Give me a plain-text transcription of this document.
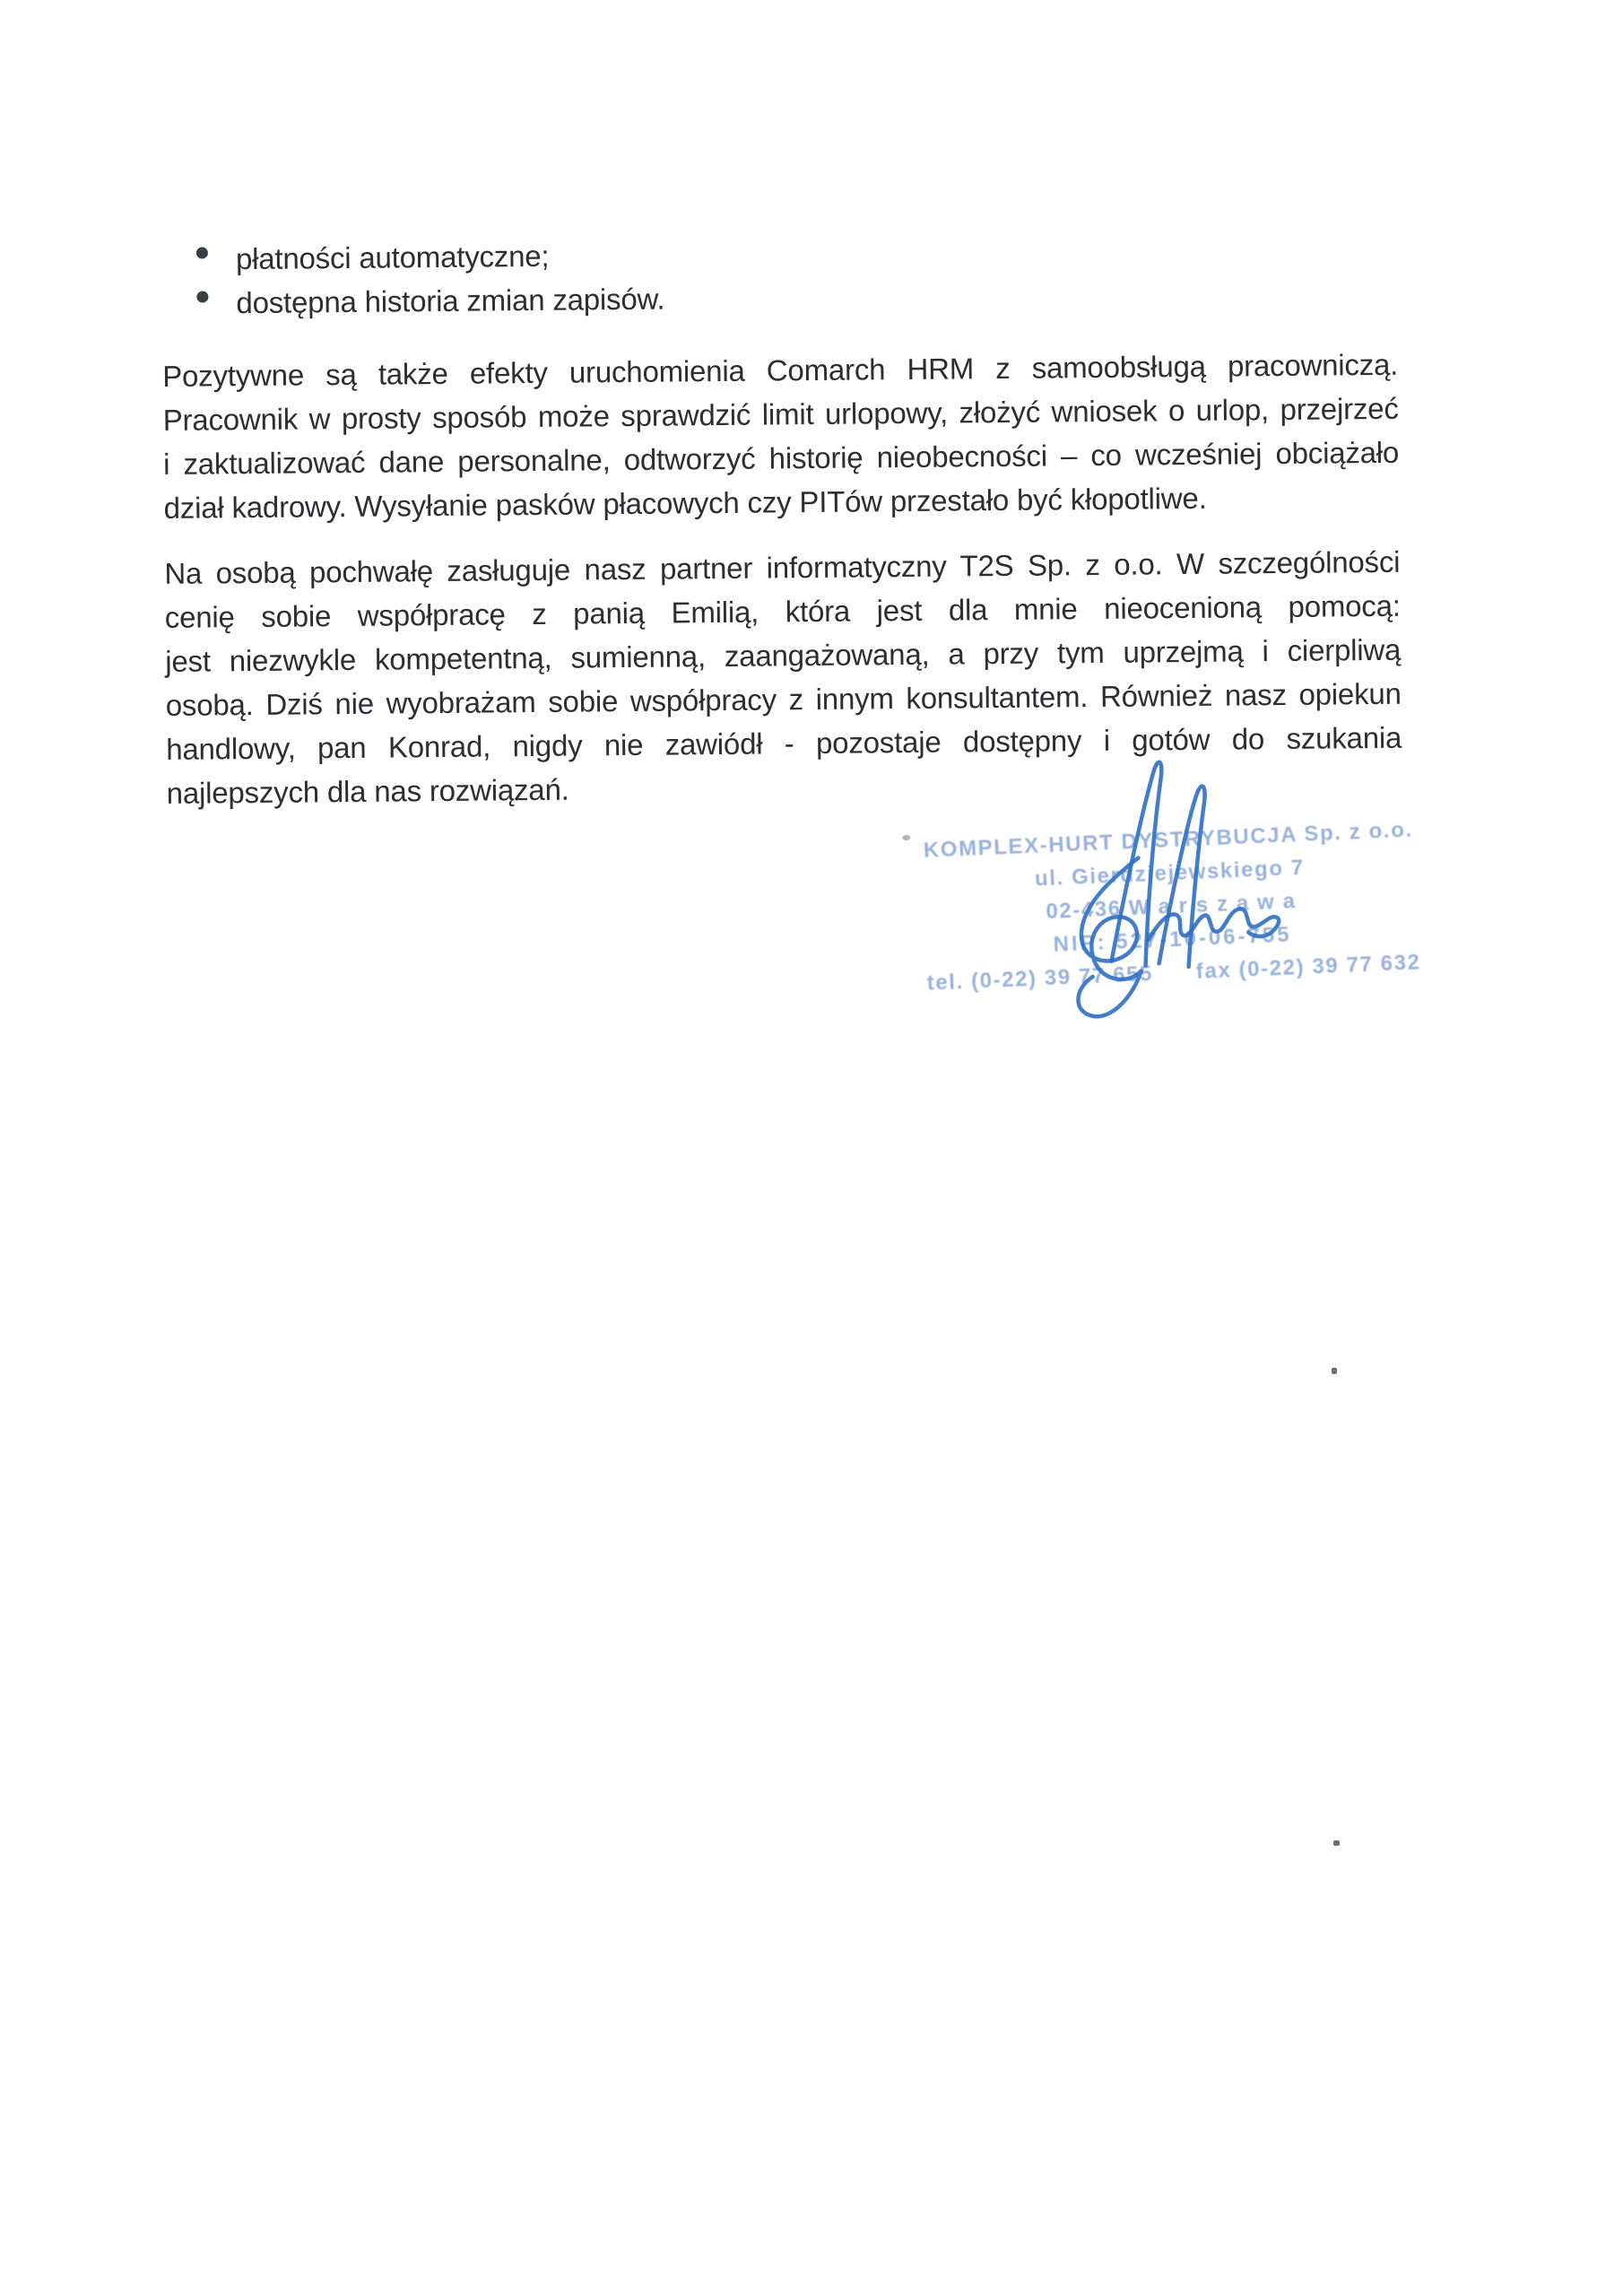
płatności automatyczne;
dostępna historia zmian zapisów.
Pozytywne są także efekty uruchomienia Comarch HRM z samoobsługą pracowniczą.
Pracownik w prosty sposób może sprawdzić limit urlopowy, złożyć wniosek o urlop, przejrzeć
i zaktualizować dane personalne, odtworzyć historię nieobecności – co wcześniej obciążało
dział kadrowy. Wysyłanie pasków płacowych czy PITów przestało być kłopotliwe.
Na osobą pochwałę zasługuje nasz partner informatyczny T2S Sp. z o.o. W szczególności
cenię sobie współpracę z panią Emilią, która jest dla mnie nieocenioną pomocą:
jest niezwykle kompetentną, sumienną, zaangażowaną, a przy tym uprzejmą i cierpliwą
osobą. Dziś nie wyobrażam sobie współpracy z innym konsultantem. Również nasz opiekun
handlowy, pan Konrad, nigdy nie zawiódł - pozostaje dostępny i gotów do szukania
najlepszych dla nas rozwiązań.
KOMPLEX-HURT DYSTRYBUCJA Sp. z o.o.
ul. Gierdziejewskiego 7
02-436 W a r s z a w a
NIP: 527-10-06-755
tel. (0-22) 39 77 655 fax (0-22) 39 77 632
